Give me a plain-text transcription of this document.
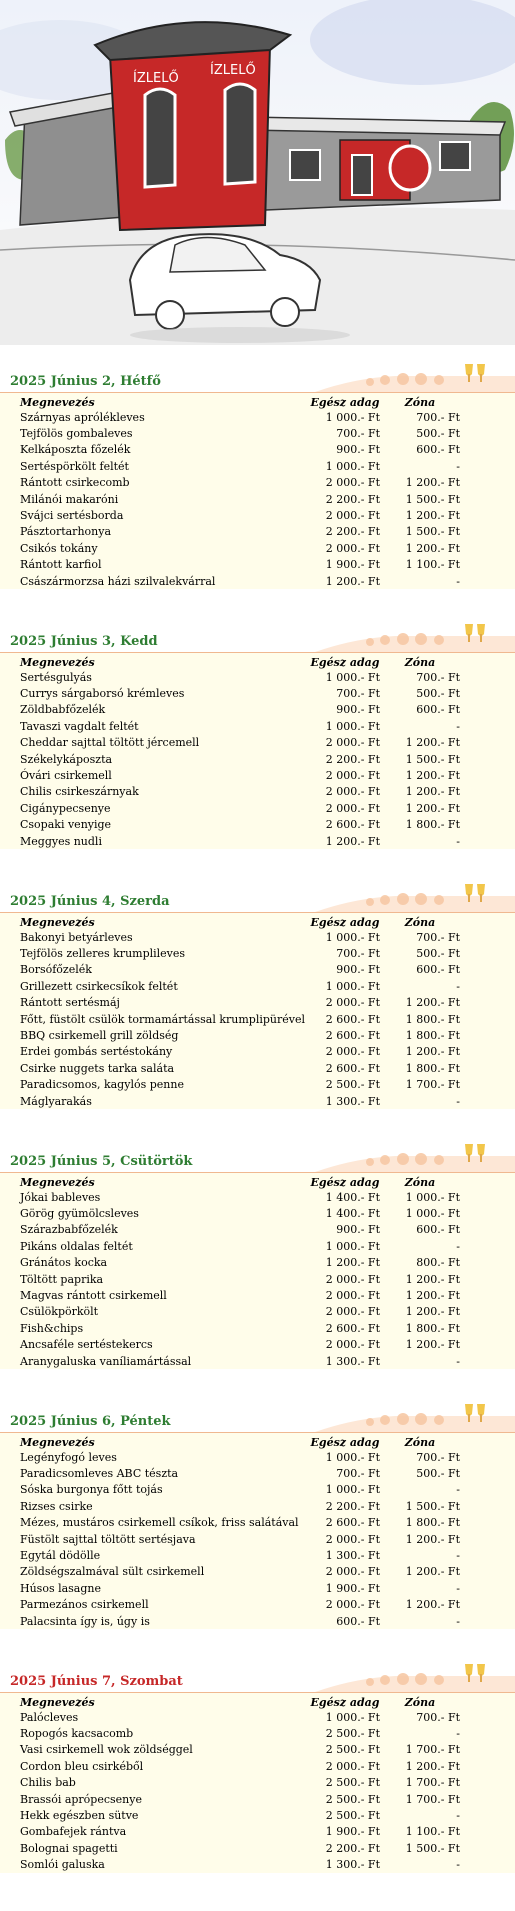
ÍZLELŐ
ÍZLELŐ
2025 Június 2, Hétfő
Megnevezés	Egész adag	Zóna
Szárnyas aprólékleves	1 000.- Ft	700.- Ft
Tejfölös gombaleves	700.- Ft	500.- Ft
Kelkáposzta főzelék	900.- Ft	600.- Ft
Sertéspörkölt feltét	1 000.- Ft	-
Rántott csirkecomb	2 000.- Ft	1 200.- Ft
Milánói makaróni	2 200.- Ft	1 500.- Ft
Svájci sertésborda	2 000.- Ft	1 200.- Ft
Pásztortarhonya	2 200.- Ft	1 500.- Ft
Csikós tokány	2 000.- Ft	1 200.- Ft
Rántott karfiol	1 900.- Ft	1 100.- Ft
Császármorzsa házi szilvalekvárral	1 200.- Ft	-
2025 Június 3, Kedd
Megnevezés	Egész adag	Zóna
Sertésgulyás	1 000.- Ft	700.- Ft
Currys sárgaborsó krémleves	700.- Ft	500.- Ft
Zöldbabfőzelék	900.- Ft	600.- Ft
Tavaszi vagdalt feltét	1 000.- Ft	-
Cheddar sajttal töltött jércemell	2 000.- Ft	1 200.- Ft
Székelykáposzta	2 200.- Ft	1 500.- Ft
Óvári csirkemell	2 000.- Ft	1 200.- Ft
Chilis csirkeszárnyak	2 000.- Ft	1 200.- Ft
Cigánypecsenye	2 000.- Ft	1 200.- Ft
Csopaki venyige	2 600.- Ft	1 800.- Ft
Meggyes nudli	1 200.- Ft	-
2025 Június 4, Szerda
Megnevezés	Egész adag	Zóna
Bakonyi betyárleves	1 000.- Ft	700.- Ft
Tejfölös zelleres krumplileves	700.- Ft	500.- Ft
Borsófőzelék	900.- Ft	600.- Ft
Grillezett csirkecsíkok feltét	1 000.- Ft	-
Rántott sertésmáj	2 000.- Ft	1 200.- Ft
Főtt, füstölt csülök tormamártással krumplipürével	2 600.- Ft	1 800.- Ft
BBQ csirkemell grill zöldség	2 600.- Ft	1 800.- Ft
Erdei gombás sertéstokány	2 000.- Ft	1 200.- Ft
Csirke nuggets tarka saláta	2 600.- Ft	1 800.- Ft
Paradicsomos, kagylós penne	2 500.- Ft	1 700.- Ft
Máglyarakás	1 300.- Ft	-
2025 Június 5, Csütörtök
Megnevezés	Egész adag	Zóna
Jókai bableves	1 400.- Ft	1 000.- Ft
Görög gyümölcsleves	1 400.- Ft	1 000.- Ft
Szárazbabfőzelék	900.- Ft	600.- Ft
Pikáns oldalas feltét	1 000.- Ft	-
Gránátos kocka	1 200.- Ft	800.- Ft
Töltött paprika	2 000.- Ft	1 200.- Ft
Magvas rántott csirkemell	2 000.- Ft	1 200.- Ft
Csülökpörkölt	2 000.- Ft	1 200.- Ft
Fish&chips	2 600.- Ft	1 800.- Ft
Ancsaféle sertéstekercs	2 000.- Ft	1 200.- Ft
Aranygaluska vaníliamártással	1 300.- Ft	-
2025 Június 6, Péntek
Megnevezés	Egész adag	Zóna
Legényfogó leves	1 000.- Ft	700.- Ft
Paradicsomleves ABC tészta	700.- Ft	500.- Ft
Sóska burgonya főtt tojás	1 000.- Ft	-
Rizses csirke	2 200.- Ft	1 500.- Ft
Mézes, mustáros csirkemell csíkok, friss salátával	2 600.- Ft	1 800.- Ft
Füstölt sajttal töltött sertésjava	2 000.- Ft	1 200.- Ft
Egytál dödölle	1 300.- Ft	-
Zöldségszalmával sült csirkemell	2 000.- Ft	1 200.- Ft
Húsos lasagne	1 900.- Ft	-
Parmezános csirkemell	2 000.- Ft	1 200.- Ft
Palacsinta így is, úgy is	600.- Ft	-
2025 Június 7, Szombat
Megnevezés	Egész adag	Zóna
Palócleves	1 000.- Ft	700.- Ft
Ropogós kacsacomb	2 500.- Ft	-
Vasi csirkemell wok zöldséggel	2 500.- Ft	1 700.- Ft
Cordon bleu csirkéből	2 000.- Ft	1 200.- Ft
Chilis bab	2 500.- Ft	1 700.- Ft
Brassói aprópecsenye	2 500.- Ft	1 700.- Ft
Hekk egészben sütve	2 500.- Ft	-
Gombafejek rántva	1 900.- Ft	1 100.- Ft
Bolognai spagetti	2 200.- Ft	1 500.- Ft
Somlói galuska	1 300.- Ft	-
